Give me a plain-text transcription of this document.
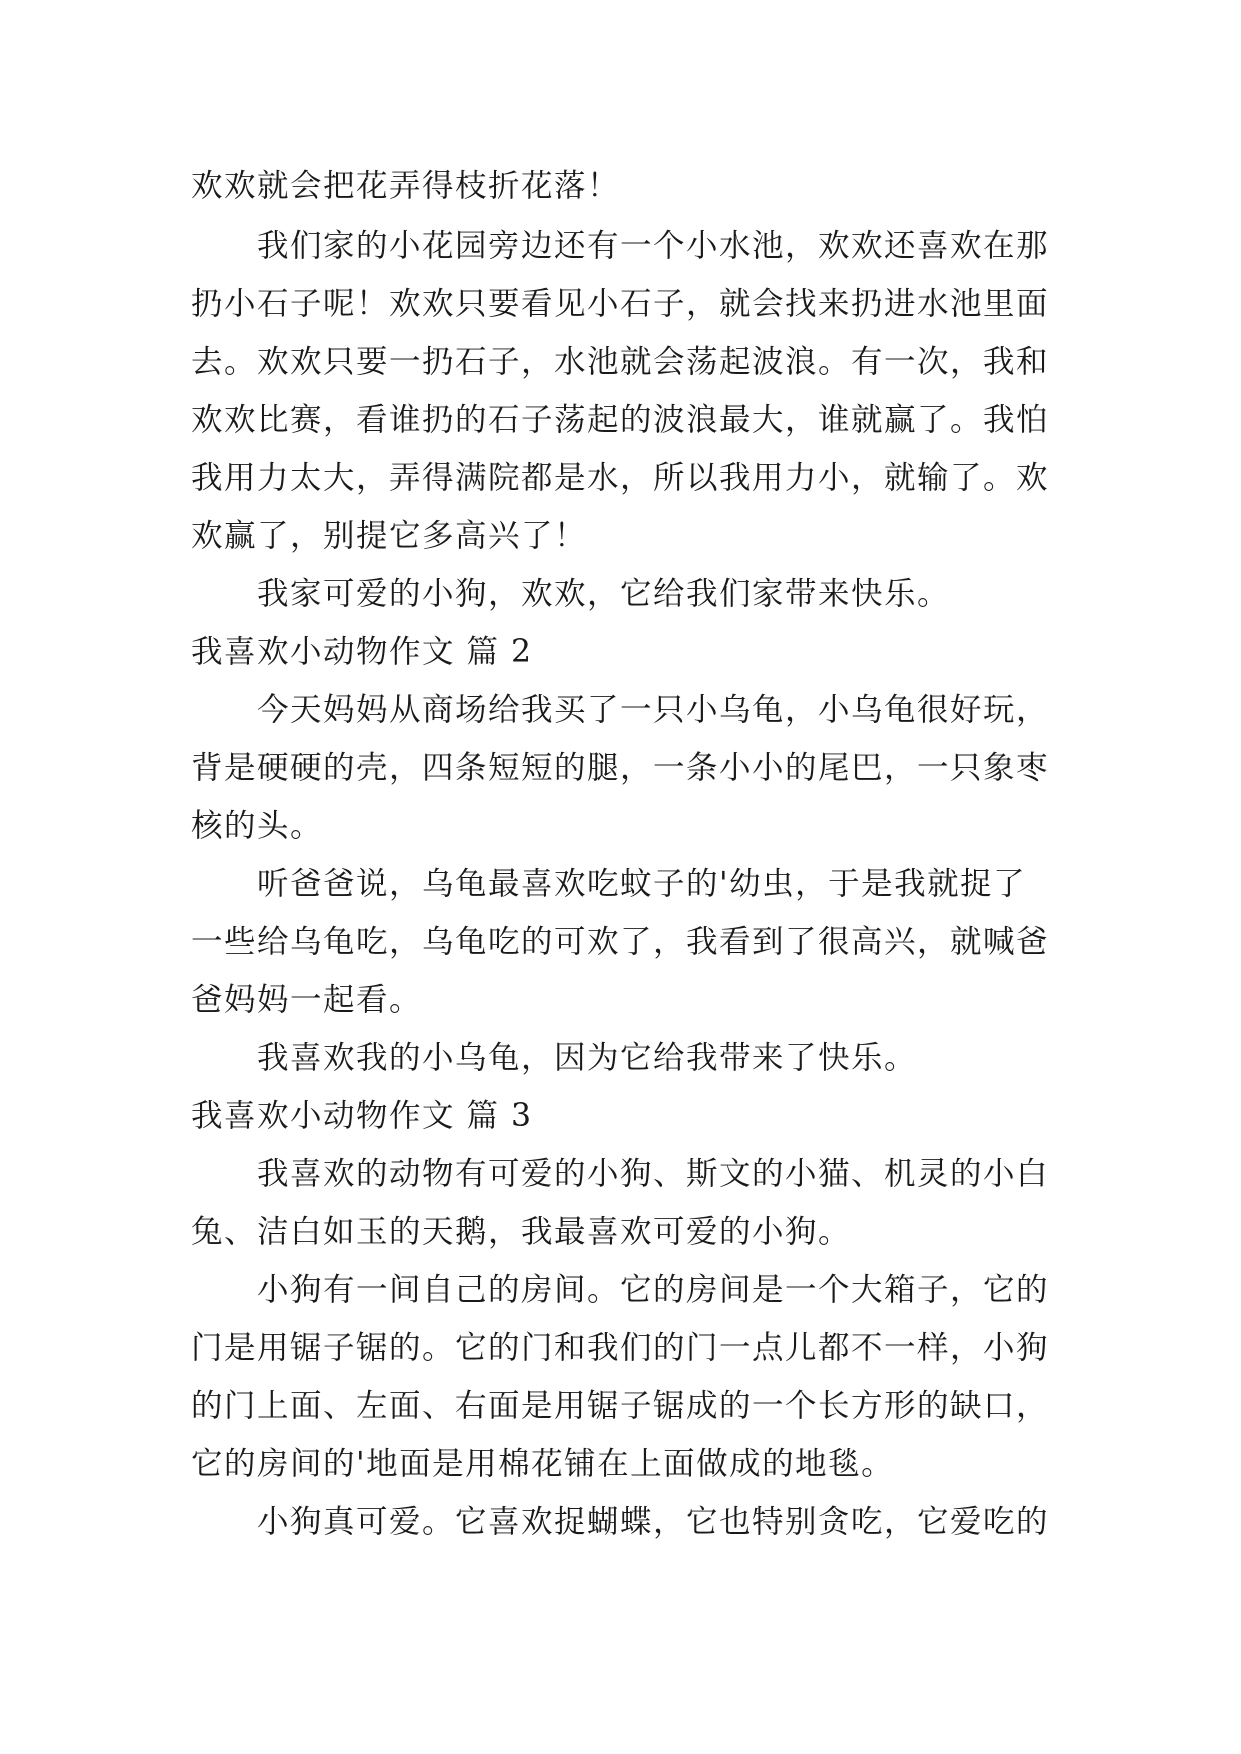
欢欢就会把花弄得枝折花落！
我们家的小花园旁边还有一个小水池，欢欢还喜欢在那
扔小石子呢！欢欢只要看见小石子，就会找来扔进水池里面
去。欢欢只要一扔石子，水池就会荡起波浪。有一次，我和
欢欢比赛，看谁扔的石子荡起的波浪最大，谁就赢了。我怕
我用力太大，弄得满院都是水，所以我用力小，就输了。欢
欢赢了，别提它多高兴了！
我家可爱的小狗，欢欢，它给我们家带来快乐。
我喜欢小动物作文 篇 2
今天妈妈从商场给我买了一只小乌龟，小乌龟很好玩，
背是硬硬的壳，四条短短的腿，一条小小的尾巴，一只象枣
核的头。
听爸爸说，乌龟最喜欢吃蚊子的'幼虫，于是我就捉了
一些给乌龟吃，乌龟吃的可欢了，我看到了很高兴，就喊爸
爸妈妈一起看。
我喜欢我的小乌龟，因为它给我带来了快乐。
我喜欢小动物作文 篇 3
我喜欢的动物有可爱的小狗、斯文的小猫、机灵的小白
兔、洁白如玉的天鹅，我最喜欢可爱的小狗。
小狗有一间自己的房间。它的房间是一个大箱子，它的
门是用锯子锯的。它的门和我们的门一点儿都不一样，小狗
的门上面、左面、右面是用锯子锯成的一个长方形的缺口，
它的房间的'地面是用棉花铺在上面做成的地毯。
小狗真可爱。它喜欢捉蝴蝶，它也特别贪吃，它爱吃的
